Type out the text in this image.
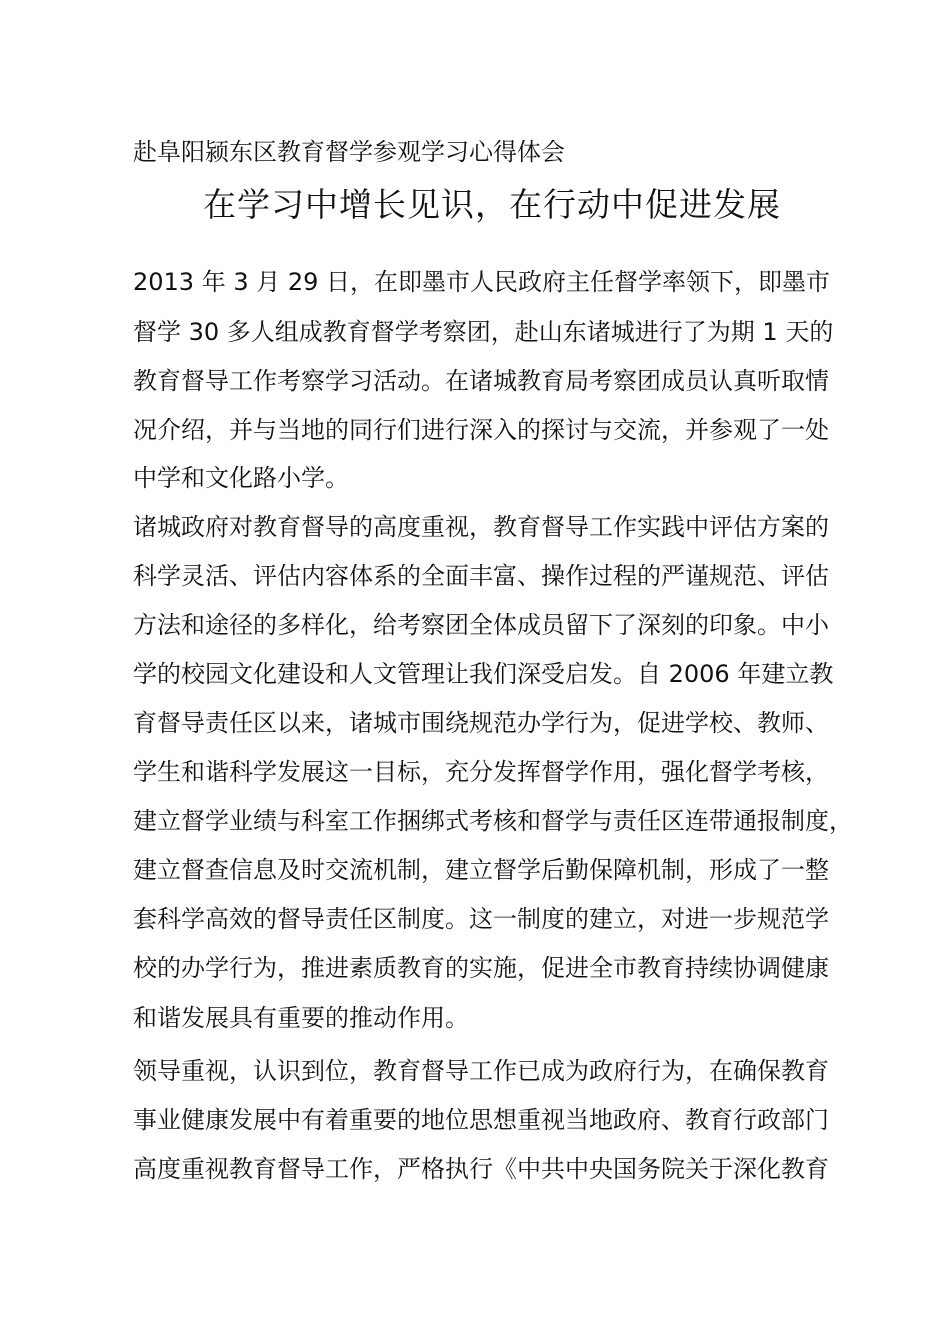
赴阜阳颍东区教育督学参观学习心得体会
在学习中增长见识，在行动中促进发展
2013 年 3 月 29 日，在即墨市人民政府主任督学率领下，即墨市
督学 30 多人组成教育督学考察团，赴山东诸城进行了为期 1 天的
教育督导工作考察学习活动。在诸城教育局考察团成员认真听取情
况介绍，并与当地的同行们进行深入的探讨与交流，并参观了一处
中学和文化路小学。
诸城政府对教育督导的高度重视，教育督导工作实践中评估方案的
科学灵活、评估内容体系的全面丰富、操作过程的严谨规范、评估
方法和途径的多样化，给考察团全体成员留下了深刻的印象。中小
学的校园文化建设和人文管理让我们深受启发。自 2006 年建立教
育督导责任区以来，诸城市围绕规范办学行为，促进学校、教师、
学生和谐科学发展这一目标，充分发挥督学作用，强化督学考核，
建立督学业绩与科室工作捆绑式考核和督学与责任区连带通报制度，
建立督查信息及时交流机制，建立督学后勤保障机制，形成了一整
套科学高效的督导责任区制度。这一制度的建立，对进一步规范学
校的办学行为，推进素质教育的实施，促进全市教育持续协调健康
和谐发展具有重要的推动作用。
领导重视，认识到位，教育督导工作已成为政府行为，在确保教育
事业健康发展中有着重要的地位思想重视当地政府、教育行政部门
高度重视教育督导工作，严格执行《中共中央国务院关于深化教育
